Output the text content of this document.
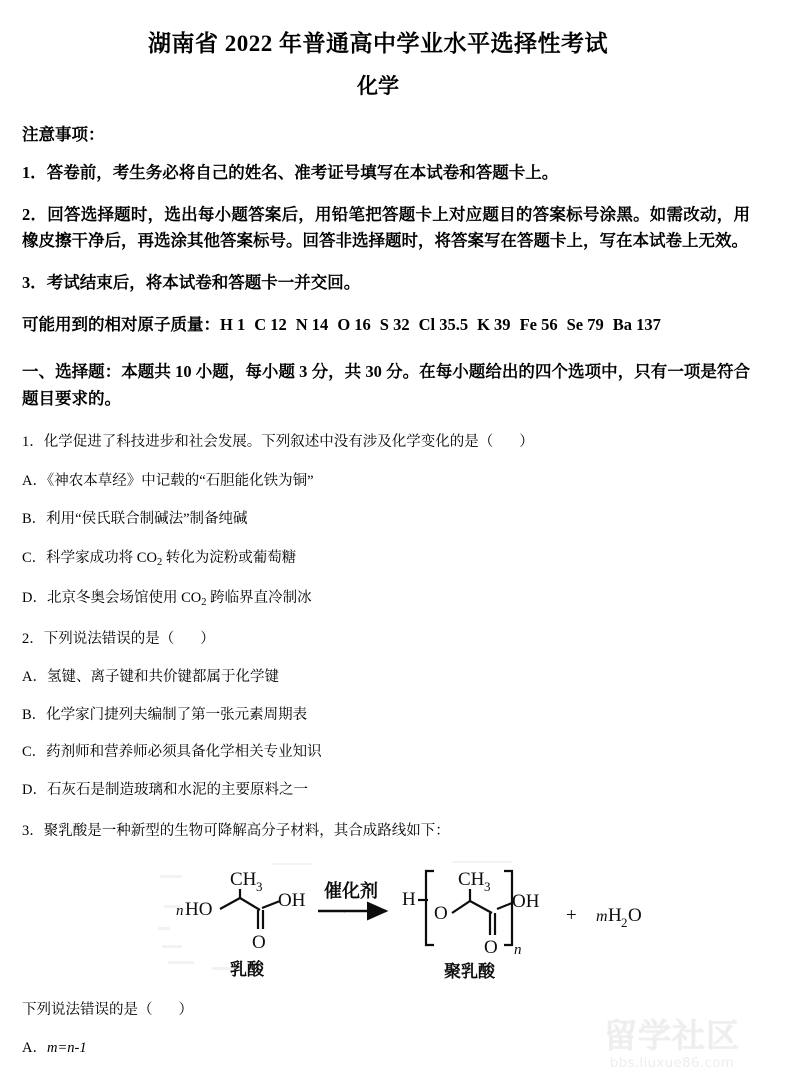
湖南省 2022 年普通高中学业水平选择性考试
化学
注意事项：
1．答卷前，考生务必将自己的姓名、准考证号填写在本试卷和答题卡上。
2．回答选择题时，选出每小题答案后，用铅笔把答题卡上对应题目的答案标号涂黑。如需改动，用橡皮擦干净后，再选涂其他答案标号。回答非选择题时，将答案写在答题卡上，写在本试卷上无效。
3．考试结束后，将本试卷和答题卡一并交回。
可能用到的相对原子质量：H 1 C 12 N 14 O 16 S 32 Cl 35.5 K 39 Fe 56 Se 79 Ba 137
一、选择题：本题共 10 小题，每小题 3 分，共 30 分。在每小题给出的四个选项中，只有一项是符合题目要求的。
1．化学促进了科技进步和社会发展。下列叙述中没有涉及化学变化的是（ ）
A．《神农本草经》中记载的“石胆能化铁为铜”
B．利用“侯氏联合制碱法”制备纯碱
C．科学家成功将 $CO_2$ 转化为淀粉或葡萄糖
D．北京冬奥会场馆使用 $CO_2$ 跨临界直冷制冰
2．下列说法错误的是（ ）
A．氢键、离子键和共价键都属于化学键
B．化学家门捷列夫编制了第一张元素周期表
C．药剂师和营养师必须具备化学相关专业知识
D．石灰石是制造玻璃和水泥的主要原料之一
3．聚乳酸是一种新型的生物可降解高分子材料，其合成路线如下：
n HO
CH 3
O
OH
乳酸
催化剂 H
O
CH 3
O n
OH
聚乳酸
+ m H 2 O
下列说法错误的是（ ）
A．m=n-1	留学社区
bbs.liuxue86.com
